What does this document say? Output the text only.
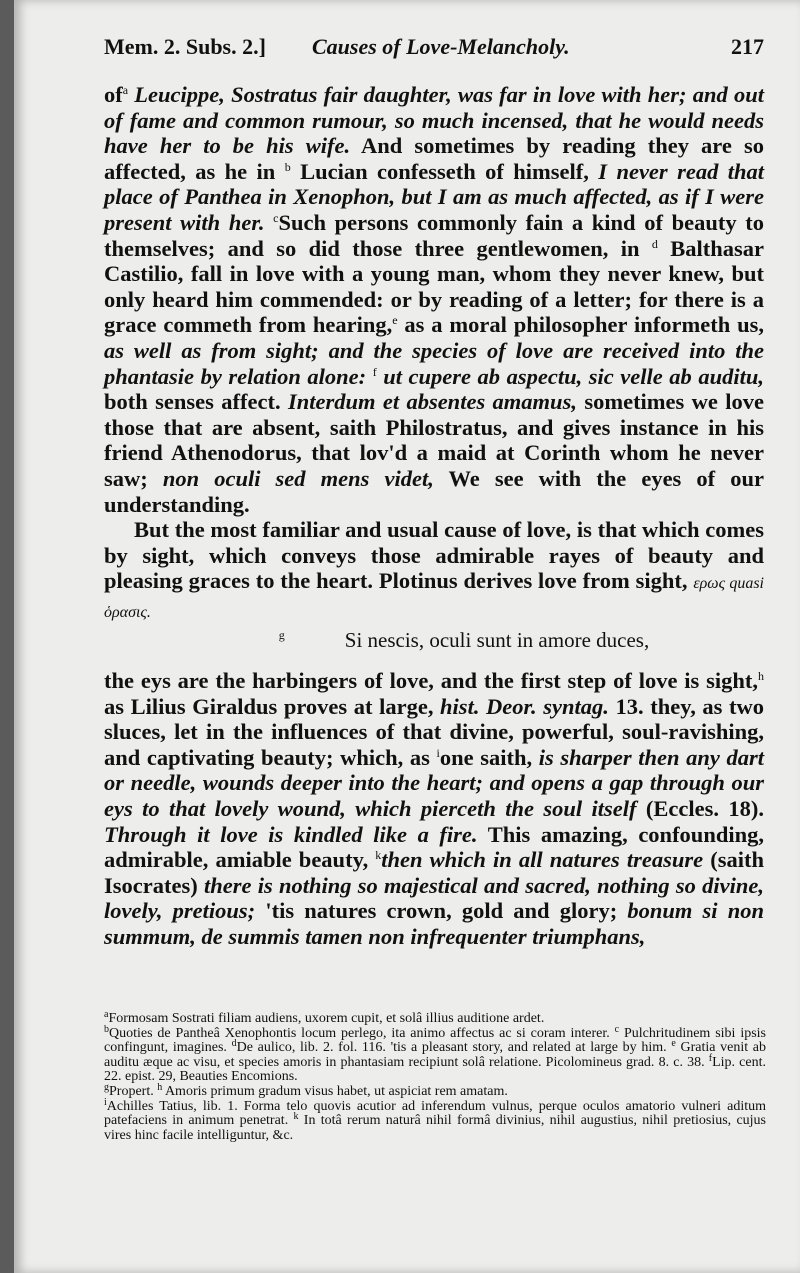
Mem. 2. Subs. 2.] Causes of Love-Melancholy.	217

$of^a$ Leucippe, Sostratus fair daughter, was far in love with her; and out of fame and common rumour, so much incensed, that he would needs have her to be his wife. And sometimes by reading they are so affected, as he in $^b$ Lucian confesseth of himself, I never read that place of Panthea in Xenophon, but I am as much affected, as if I were present with her. $^c$Such persons commonly fain a kind of beauty to themselves; and so did those three gentlewomen, in $^d$ Balthasar Castilio, fall in love with a young man, whom they never knew, but only heard him commended: or by reading of a letter; for there is a grace commeth from hearing,$^e$ as a moral philosopher informeth us, as well as from sight; and the species of love are received into the phantasie by relation alone: $^f$ ut cupere ab aspectu, sic velle ab auditu, both senses affect. Interdum et absentes amamus, sometimes we love those that are absent, saith Philostratus, and gives instance in his friend Athenodorus, that lov'd a maid at Corinth whom he never saw; non oculi sed mens videt, We see with the eyes of our understanding.

But the most familiar and usual cause of love, is that which comes by sight, which conveys those admirable rayes of beauty and pleasing graces to the heart. Plotinus derives love from sight, ερως quasi ὁρασις.

$^g$	Si nescis, oculi sunt in amore duces,

the eys are the harbingers of love, and the first step of love is sight,$^h$ as Lilius Giraldus proves at large, hist. Deor. syntag. 13. they, as two sluces, let in the influences of that divine, powerful, soul-ravishing, and captivating beauty; which, as $^i$one saith, is sharper then any dart or needle, wounds deeper into the heart; and opens a gap through our eys to that lovely wound, which pierceth the soul itself (Eccles. 18). Through it love is kindled like a fire. This amazing, confounding, admirable, amiable beauty, $^k$then which in all natures treasure (saith Isocrates) there is nothing so majestical and sacred, nothing so divine, lovely, pretious; 'tis natures crown, gold and glory; bonum si non summum, de summis tamen non infrequenter triumphans,

$^a$Formosam Sostrati filiam audiens, uxorem cupit, et solâ illius auditione ardet.

$^b$Quoties de Pantheâ Xenophontis locum perlego, ita animo affectus ac si coram interer. $^c$ Pulchritudinem sibi ipsis confingunt, imagines. $^d$De aulico, lib. 2. fol. 116. 'tis a pleasant story, and related at large by him. $^e$ Gratia venit ab auditu æque ac visu, et species amoris in phantasiam recipiunt solâ relatione. Picolomineus grad. 8. c. 38. $^f$Lip. cent. 22. epist. 29, Beauties Encomions.

$^g$Propert. $^h$ Amoris primum gradum visus habet, ut aspiciat rem amatam.

$^i$Achilles Tatius, lib. 1. Forma telo quovis acutior ad inferendum vulnus, perque oculos amatorio vulneri aditum patefaciens in animum penetrat. $^k$ In totâ rerum naturâ nihil formâ divinius, nihil augustius, nihil pretiosius, cujus vires hinc facile intelliguntur, &c.
